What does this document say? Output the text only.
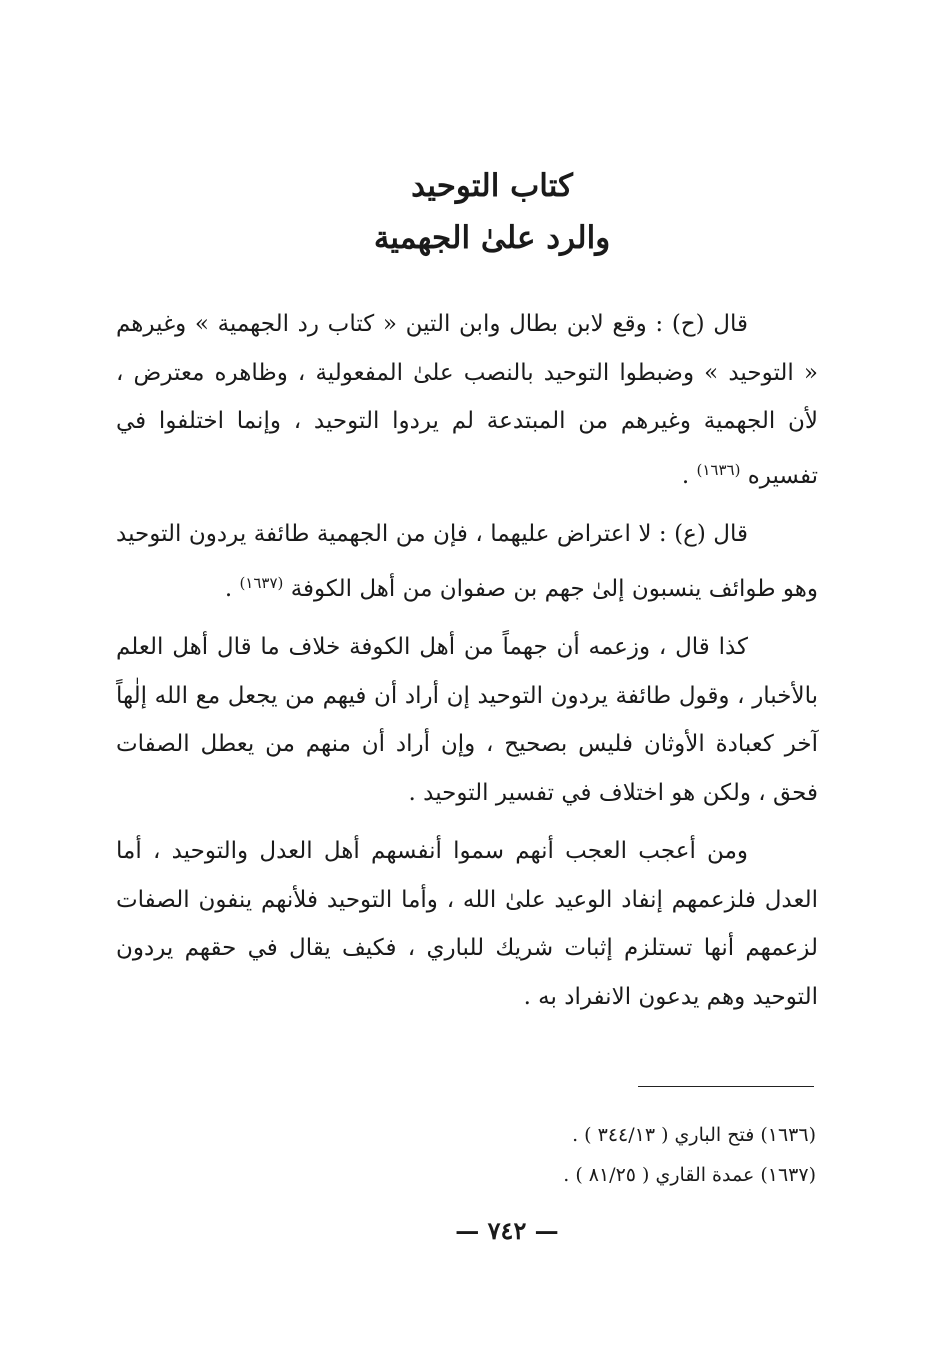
كتاب التوحيد
والرد علىٰ الجهمية

قال (ح) : وقع لابن بطال وابن التين « كتاب رد الجهمية » وغيرهم « التوحيد » وضبطوا التوحيد بالنصب علىٰ المفعولية ، وظاهره معترض ، لأن الجهمية وغيرهم من المبتدعة لم يردوا التوحيد ، وإنما اختلفوا في تفسيره $^{(١٦٣٦)}$ .

قال (ع) : لا اعتراض عليهما ، فإن من الجهمية طائفة يردون التوحيد وهو طوائف ينسبون إلىٰ جهم بن صفوان من أهل الكوفة $^{(١٦٣٧)}$ .

كذا قال ، وزعمه أن جهماً من أهل الكوفة خلاف ما قال أهل العلم بالأخبار ، وقول طائفة يردون التوحيد إن أراد أن فيهم من يجعل مع الله إلٰهاً آخر كعبادة الأوثان فليس بصحيح ، وإن أراد أن منهم من يعطل الصفات فحق ، ولكن هو اختلاف في تفسير التوحيد .

ومن أعجب العجب أنهم سموا أنفسهم أهل العدل والتوحيد ، أما العدل فلزعمهم إنفاد الوعيد علىٰ الله ، وأما التوحيد فلأنهم ينفون الصفات لزعمهم أنها تستلزم إثبات شريك للباري ، فكيف يقال في حقهم يردون التوحيد وهم يدعون الانفراد به .

(١٦٣٦) فتح الباري ( ٣٤٤/١٣ ) .
(١٦٣٧) عمدة القاري ( ٨١/٢٥ ) .
— ٧٤٢ —
